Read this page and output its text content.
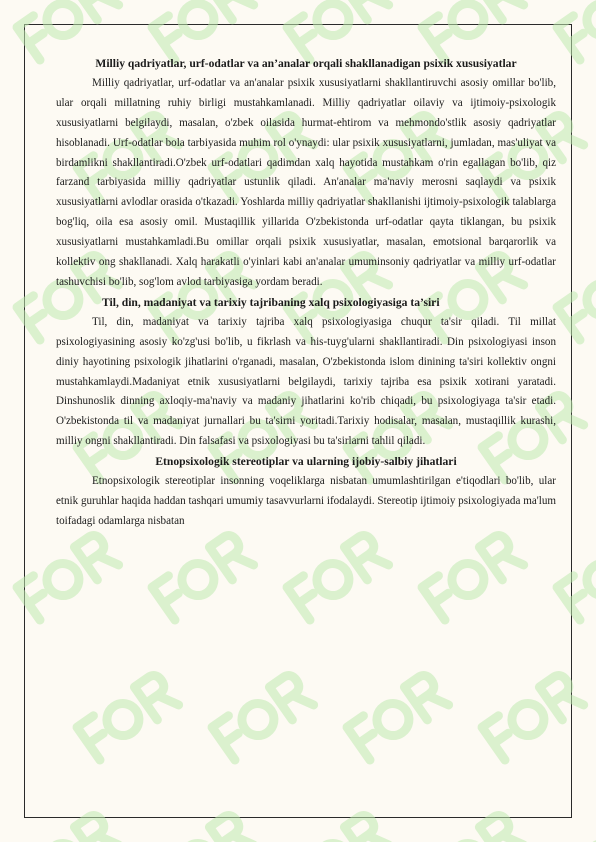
Milliy qadriyatlar, urf-odatlar va an’analar orqali shakllanadigan psixik xususiyatlar

Milliy qadriyatlar, urf-odatlar va an'analar psixik xususiyatlarni shakllantiruvchi asosiy omillar bo'lib, ular orqali millatning ruhiy birligi mustahkamlanadi. Milliy qadriyatlar oilaviy va ijtimoiy-psixologik xususiyatlarni belgilaydi, masalan, o'zbek oilasida hurmat-ehtirom va mehmondo'stlik asosiy qadriyatlar hisoblanadi. Urf-odatlar bola tarbiyasida muhim rol o'ynaydi: ular psixik xususiyatlarni, jumladan, mas'uliyat va birdamlikni shakllantiradi.O'zbek urf-odatlari qadimdan xalq hayotida mustahkam o'rin egallagan bo'lib, qiz farzand tarbiyasida milliy qadriyatlar ustunlik qiladi. An'analar ma'naviy merosni saqlaydi va psixik xususiyatlarni avlodlar orasida o'tkazadi. Yoshlarda milliy qadriyatlar shakllanishi ijtimoiy-psixologik talablarga bog'liq, oila esa asosiy omil. Mustaqillik yillarida O'zbekistonda urf-odatlar qayta tiklangan, bu psixik xususiyatlarni mustahkamladi.Bu omillar orqali psixik xususiyatlar, masalan, emotsional barqarorlik va kollektiv ong shakllanadi. Xalq harakatli o'yinlari kabi an'analar umuminsoniy qadriyatlar va milliy urf-odatlar tashuvchisi bo'lib, sog'lom avlod tarbiyasiga yordam beradi.

Til, din, madaniyat va tarixiy tajribaning xalq psixologiyasiga ta’siri

Til, din, madaniyat va tarixiy tajriba xalq psixologiyasiga chuqur ta'sir qiladi. Til millat psixologiyasining asosiy ko'zg'usi bo'lib, u fikrlash va his-tuyg'ularni shakllantiradi. Din psixologiyasi inson diniy hayotining psixologik jihatlarini o'rganadi, masalan, O'zbekistonda islom dinining ta'siri kollektiv ongni mustahkamlaydi.Madaniyat etnik xususiyatlarni belgilaydi, tarixiy tajriba esa psixik xotirani yaratadi. Dinshunoslik dinning axloqiy-ma'naviy va madaniy jihatlarini ko'rib chiqadi, bu psixologiyaga ta'sir etadi. O'zbekistonda til va madaniyat jurnallari bu ta'sirni yoritadi.Tarixiy hodisalar, masalan, mustaqillik kurashi, milliy ongni shakllantiradi. Din falsafasi va psixologiyasi bu ta'sirlarni tahlil qiladi.

Etnopsixologik stereotiplar va ularning ijobiy-salbiy jihatlari

Etnopsixologik stereotiplar insonning voqeliklarga nisbatan umumlashtirilgan e'tiqodlari bo'lib, ular etnik guruhlar haqida haddan tashqari umumiy tasavvurlarni ifodalaydi. Stereotip ijtimoiy psixologiyada ma'lum toifadagi odamlarga nisbatan
